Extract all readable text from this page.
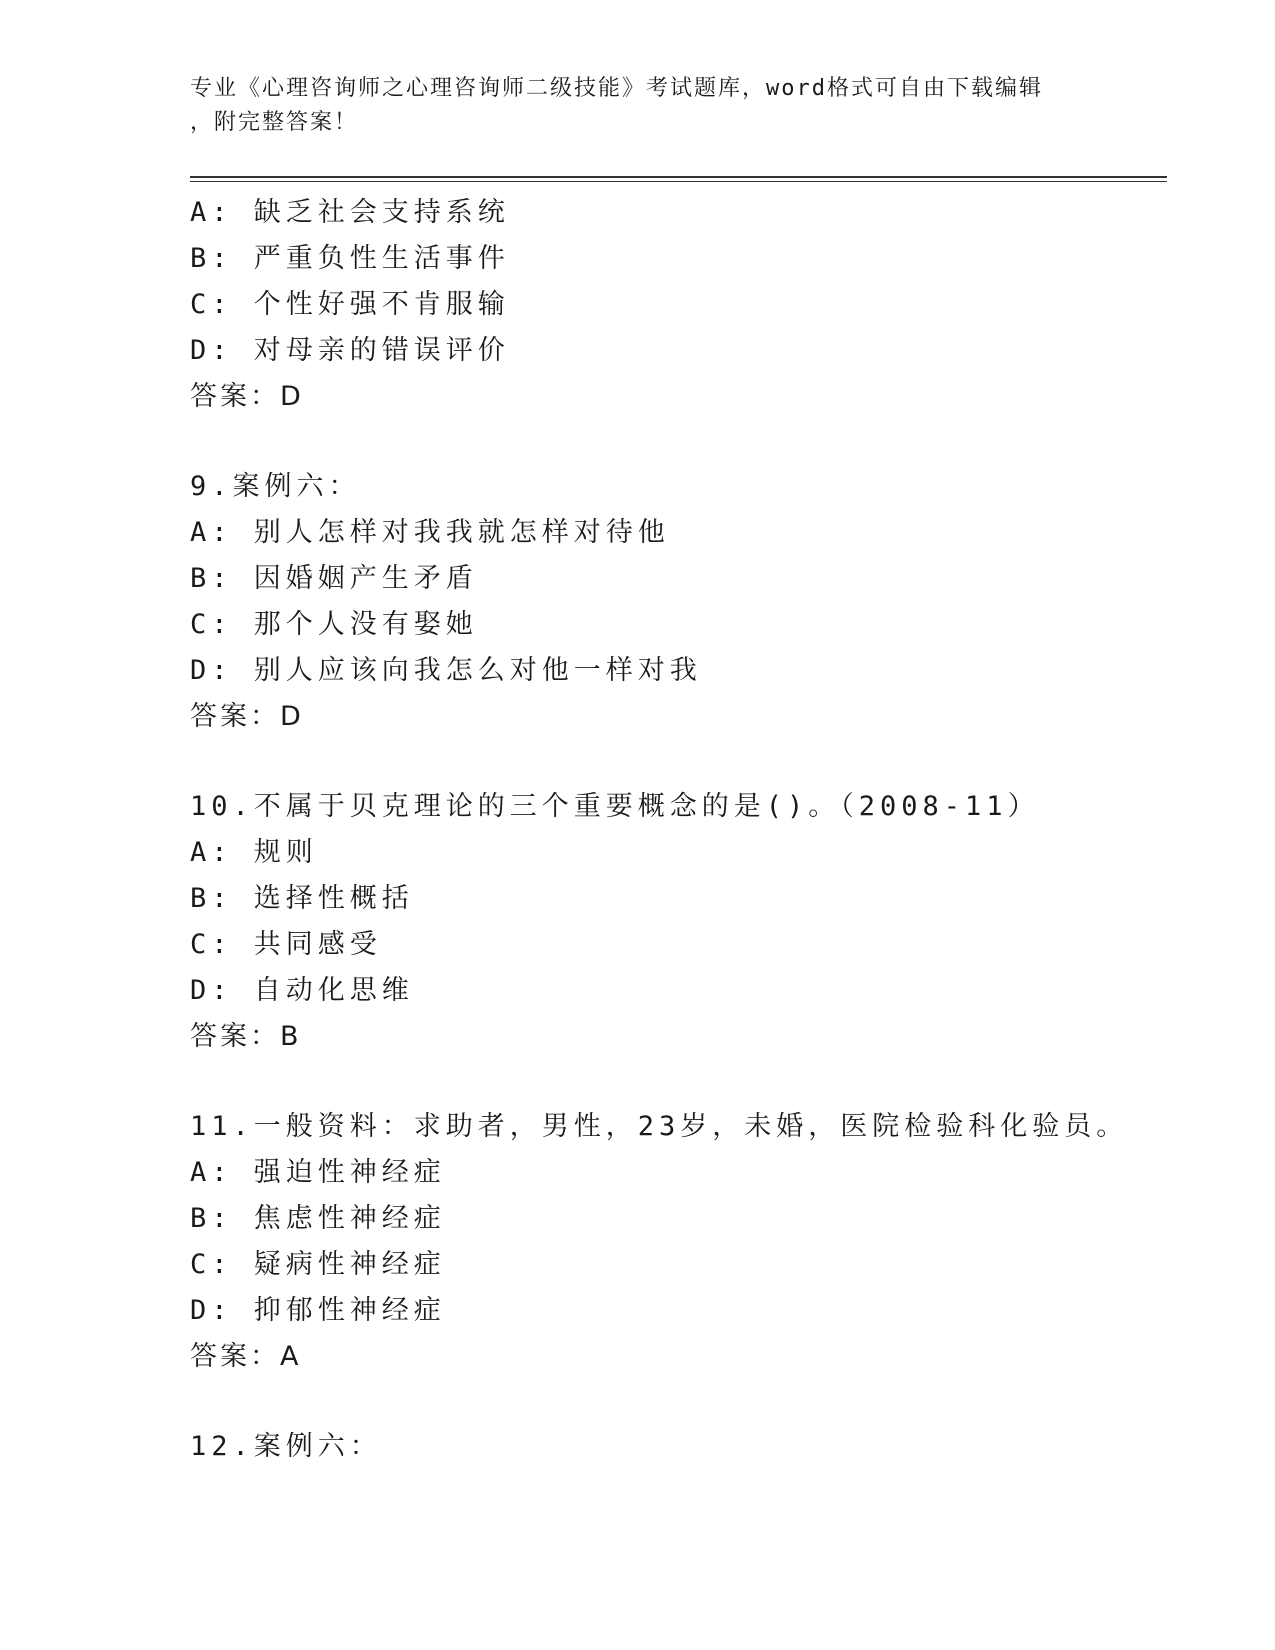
专业《心理咨询师之心理咨询师二级技能》考试题库，word格式可自由下载编辑
，附完整答案！
A: 缺乏社会支持系统
B: 严重负性生活事件
C: 个性好强不肯服输
D: 对母亲的错误评价
答案：D
9.案例六：
A: 别人怎样对我我就怎样对待他
B: 因婚姻产生矛盾
C: 那个人没有娶她
D: 别人应该向我怎么对他一样对我
答案：D
10.不属于贝克理论的三个重要概念的是()。（2008-11）
A: 规则
B: 选择性概括
C: 共同感受
D: 自动化思维
答案：B
11.一般资料：求助者，男性，23岁，未婚，医院检验科化验员。
A: 强迫性神经症
B: 焦虑性神经症
C: 疑病性神经症
D: 抑郁性神经症
答案：A
12.案例六：
